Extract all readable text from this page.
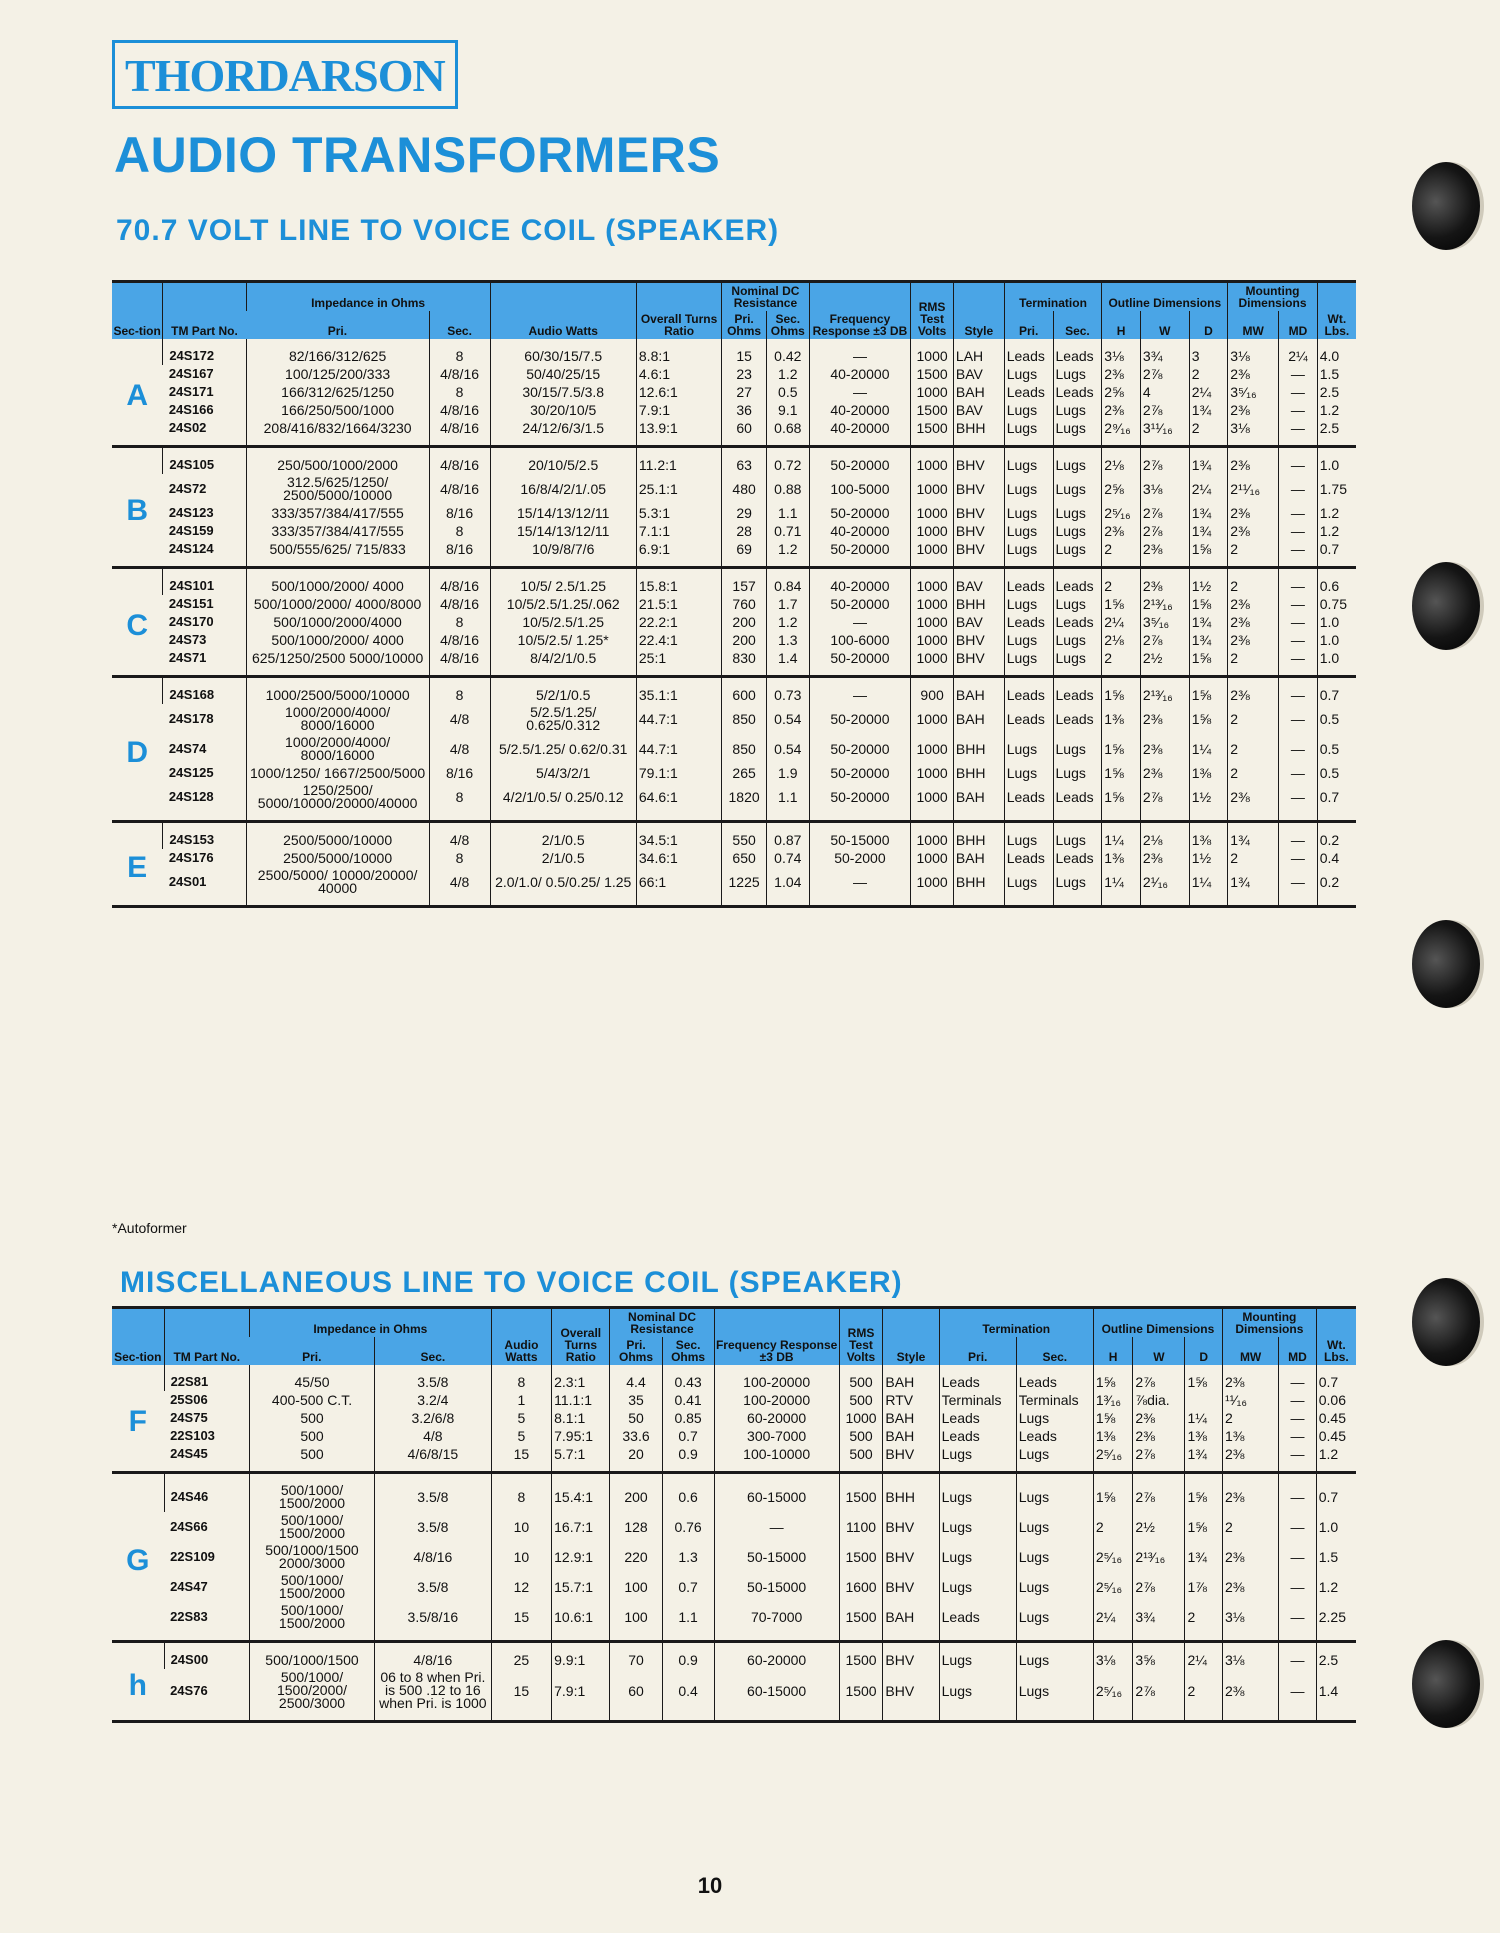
THORDARSON
AUDIO TRANSFORMERS
70.7 VOLT LINE TO VOICE COIL (SPEAKER)
Sec-tion	TM Part No.	Impedance in Ohms		Audio Watts	Overall Turns Ratio	Nominal DC Resistance		Frequency Response ±3 DB	RMS Test Volts	Style	Termination		Outline Dimensions			Mounting Dimensions		Wt. Lbs.
		Pri.	Sec.			Pri. Ohms	Sec. Ohms				Pri.	Sec.	H	W	D	MW	MD	
A	24S172	82/166/312/625	8	60/30/15/7.5	8.8:1	15	0.42	—	1000	LAH	Leads	Leads	3⅛	3¾	3	3⅛	2¼	4.0
	24S167	100/125/200/333	4/8/16	50/40/25/15	4.6:1	23	1.2	40-20000	1500	BAV	Lugs	Lugs	2⅜	2⅞	2	2⅜	—	1.5
	24S171	166/312/625/1250	8	30/15/7.5/3.8	12.6:1	27	0.5	—	1000	BAH	Leads	Leads	2⅝	4	2¼	3⁵⁄₁₆	—	2.5
	24S166	166/250/500/1000	4/8/16	30/20/10/5	7.9:1	36	9.1	40-20000	1500	BAV	Lugs	Lugs	2⅜	2⅞	1¾	2⅜	—	1.2
	24S02	208/416/832/1664/3230	4/8/16	24/12/6/3/1.5	13.9:1	60	0.68	40-20000	1500	BHH	Lugs	Lugs	2⁹⁄₁₆	3¹¹⁄₁₆	2	3⅛	—	2.5
B	24S105	250/500/1000/2000	4/8/16	20/10/5/2.5	11.2:1	63	0.72	50-20000	1000	BHV	Lugs	Lugs	2⅛	2⅞	1¾	2⅜	—	1.0
	24S72	312.5/625/1250/ 2500/5000/10000	4/8/16	16/8/4/2/1/.05	25.1:1	480	0.88	100-5000	1000	BHV	Lugs	Lugs	2⅝	3⅛	2¼	2¹¹⁄₁₆	—	1.75
	24S123	333/357/384/417/555	8/16	15/14/13/12/11	5.3:1	29	1.1	50-20000	1000	BHV	Lugs	Lugs	2⁵⁄₁₆	2⅞	1¾	2⅜	—	1.2
	24S159	333/357/384/417/555	8	15/14/13/12/11	7.1:1	28	0.71	40-20000	1000	BHV	Lugs	Lugs	2⅜	2⅞	1¾	2⅜	—	1.2
	24S124	500/555/625/ 715/833	8/16	10/9/8/7/6	6.9:1	69	1.2	50-20000	1000	BHV	Lugs	Lugs	2	2⅜	1⅝	2	—	0.7
C	24S101	500/1000/2000/ 4000	4/8/16	10/5/ 2.5/1.25	15.8:1	157	0.84	40-20000	1000	BAV	Leads	Leads	2	2⅜	1½	2	—	0.6
	24S151	500/1000/2000/ 4000/8000	4/8/16	10/5/2.5/1.25/.062	21.5:1	760	1.7	50-20000	1000	BHH	Lugs	Lugs	1⅝	2¹³⁄₁₆	1⅝	2⅜	—	0.75
	24S170	500/1000/2000/4000	8	10/5/2.5/1.25	22.2:1	200	1.2	—	1000	BAV	Leads	Leads	2¼	3⁵⁄₁₆	1¾	2⅜	—	1.0
	24S73	500/1000/2000/ 4000	4/8/16	10/5/2.5/ 1.25*	22.4:1	200	1.3	100-6000	1000	BHV	Lugs	Lugs	2⅛	2⅞	1¾	2⅜	—	1.0
	24S71	625/1250/2500 5000/10000	4/8/16	8/4/2/1/0.5	25:1	830	1.4	50-20000	1000	BHV	Lugs	Lugs	2	2½	1⅝	2	—	1.0
D	24S168	1000/2500/5000/10000	8	5/2/1/0.5	35.1:1	600	0.73	—	900	BAH	Leads	Leads	1⅝	2¹³⁄₁₆	1⅝	2⅜	—	0.7
	24S178	1000/2000/4000/ 8000/16000	4/8	5/2.5/1.25/ 0.625/0.312	44.7:1	850	0.54	50-20000	1000	BAH	Leads	Leads	1⅜	2⅜	1⅝	2	—	0.5
	24S74	1000/2000/4000/ 8000/16000	4/8	5/2.5/1.25/ 0.62/0.31	44.7:1	850	0.54	50-20000	1000	BHH	Lugs	Lugs	1⅝	2⅜	1¼	2	—	0.5
	24S125	1000/1250/ 1667/2500/5000	8/16	5/4/3/2/1	79.1:1	265	1.9	50-20000	1000	BHH	Lugs	Lugs	1⅝	2⅜	1⅜	2	—	0.5
	24S128	1250/2500/ 5000/10000/20000/40000	8	4/2/1/0.5/ 0.25/0.12	64.6:1	1820	1.1	50-20000	1000	BAH	Leads	Leads	1⅝	2⅞	1½	2⅜	—	0.7
E	24S153	2500/5000/10000	4/8	2/1/0.5	34.5:1	550	0.87	50-15000	1000	BHH	Lugs	Lugs	1¼	2⅛	1⅜	1¾	—	0.2
	24S176	2500/5000/10000	8	2/1/0.5	34.6:1	650	0.74	50-2000	1000	BAH	Leads	Leads	1⅜	2⅜	1½	2	—	0.4
	24S01	2500/5000/ 10000/20000/ 40000	4/8	2.0/1.0/ 0.5/0.25/ 1.25	66:1	1225	1.04	—	1000	BHH	Lugs	Lugs	1¼	2¹⁄₁₆	1¼	1¾	—	0.2
*Autoformer
MISCELLANEOUS LINE TO VOICE COIL (SPEAKER)
Sec-tion	TM Part No.	Impedance in Ohms		Audio Watts	Overall Turns Ratio	Nominal DC Resistance		Frequency Response ±3 DB	RMS Test Volts	Style	Termination		Outline Dimensions			Mounting Dimensions		Wt. Lbs.
		Pri.	Sec.			Pri. Ohms	Sec. Ohms				Pri.	Sec.	H	W	D	MW	MD	
F	22S81	45/50	3.5/8	8	2.3:1	4.4	0.43	100-20000	500	BAH	Leads	Leads	1⅝	2⅞	1⅝	2⅜	—	0.7
	25S06	400-500 C.T.	3.2/4	1	11.1:1	35	0.41	100-20000	500	RTV	Terminals	Terminals	1³⁄₁₆	⅞dia.		¹¹⁄₁₆	—	0.06
	24S75	500	3.2/6/8	5	8.1:1	50	0.85	60-20000	1000	BAH	Leads	Lugs	1⅝	2⅜	1¼	2	—	0.45
	22S103	500	4/8	5	7.95:1	33.6	0.7	300-7000	500	BAH	Leads	Leads	1⅜	2⅜	1⅜	1⅜	—	0.45
	24S45	500	4/6/8/15	15	5.7:1	20	0.9	100-10000	500	BHV	Lugs	Lugs	2⁵⁄₁₆	2⅞	1¾	2⅜	—	1.2
G	24S46	500/1000/ 1500/2000	3.5/8	8	15.4:1	200	0.6	60-15000	1500	BHH	Lugs	Lugs	1⅝	2⅞	1⅝	2⅜	—	0.7
	24S66	500/1000/ 1500/2000	3.5/8	10	16.7:1	128	0.76	—	1100	BHV	Lugs	Lugs	2	2½	1⅝	2	—	1.0
	22S109	500/1000/1500 2000/3000	4/8/16	10	12.9:1	220	1.3	50-15000	1500	BHV	Lugs	Lugs	2⁵⁄₁₆	2¹³⁄₁₆	1¾	2⅜	—	1.5
	24S47	500/1000/ 1500/2000	3.5/8	12	15.7:1	100	0.7	50-15000	1600	BHV	Lugs	Lugs	2⁵⁄₁₆	2⅞	1⅞	2⅜	—	1.2
	22S83	500/1000/ 1500/2000	3.5/8/16	15	10.6:1	100	1.1	70-7000	1500	BAH	Leads	Lugs	2¼	3¾	2	3⅛	—	2.25
h	24S00	500/1000/1500	4/8/16	25	9.9:1	70	0.9	60-20000	1500	BHV	Lugs	Lugs	3⅛	3⅝	2¼	3⅛	—	2.5
	24S76	500/1000/ 1500/2000/ 2500/3000	06 to 8 when Pri. is 500 .12 to 16 when Pri. is 1000	15	7.9:1	60	0.4	60-15000	1500	BHV	Lugs	Lugs	2⁵⁄₁₆	2⅞	2	2⅜	—	1.4
10
